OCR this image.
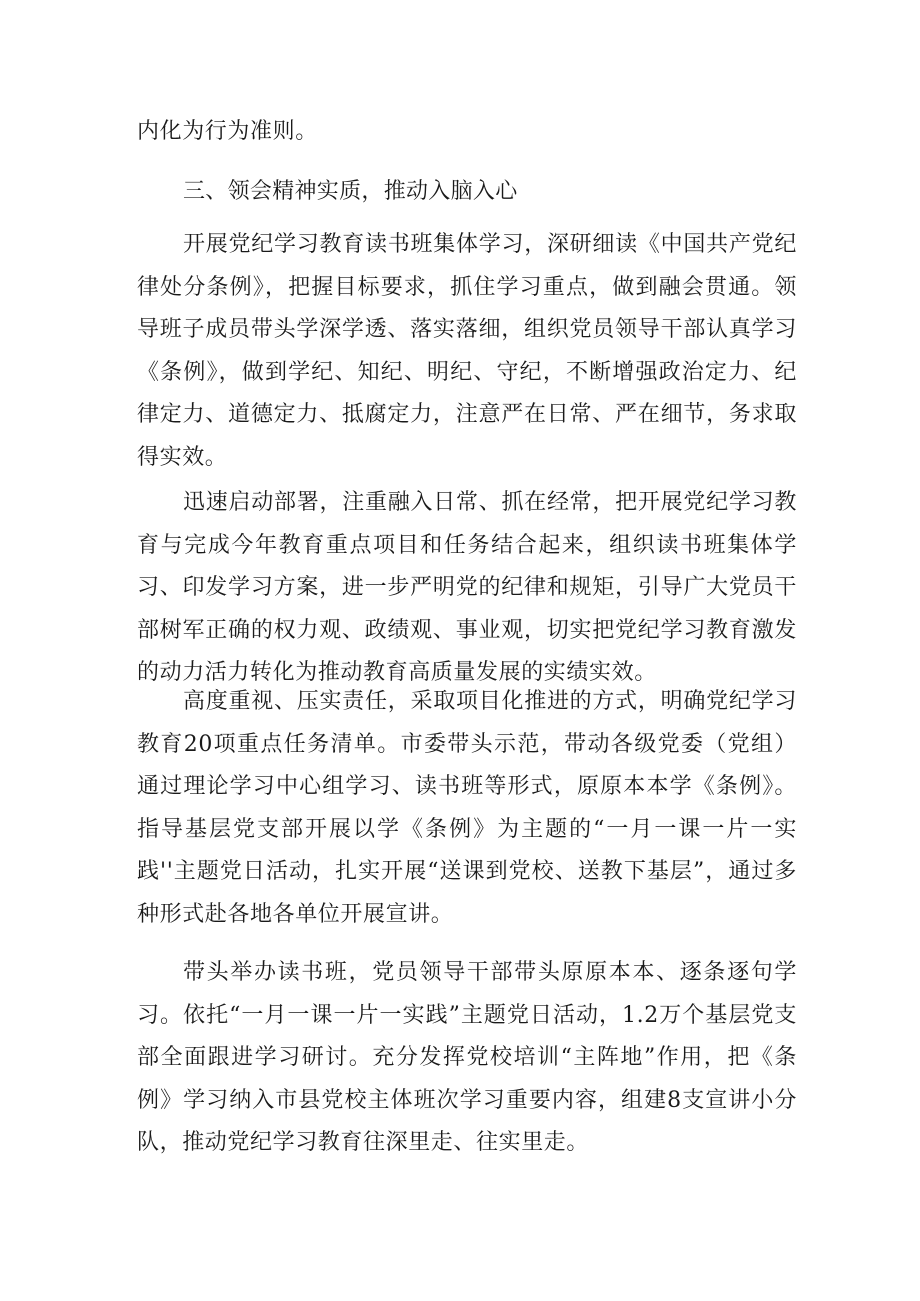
内化为行为准则。
三、领会精神实质，推动入脑入心
开展党纪学习教育读书班集体学习，深研细读《中国共产党纪律处分条例》，把握目标要求，抓住学习重点，做到融会贯通。领导班子成员带头学深学透、落实落细，组织党员领导干部认真学习《条例》，做到学纪、知纪、明纪、守纪，不断增强政治定力、纪律定力、道德定力、抵腐定力，注意严在日常、严在细节，务求取得实效。
迅速启动部署，注重融入日常、抓在经常，把开展党纪学习教育与完成今年教育重点项目和任务结合起来，组织读书班集体学习、印发学习方案，进一步严明党的纪律和规矩，引导广大党员干部树军正确的权力观、政绩观、事业观，切实把党纪学习教育激发的动力活力转化为推动教育高质量发展的实绩实效。
高度重视、压实责任，采取项目化推进的方式，明确党纪学习教育20项重点任务清单。市委带头示范，带动各级党委（党组）通过理论学习中心组学习、读书班等形式，原原本本学《条例》。指导基层党支部开展以学《条例》为主题的“一月一课一片一实践''主题党日活动，扎实开展“送课到党校、送教下基层”，通过多种形式赴各地各单位开展宣讲。
带头举办读书班，党员领导干部带头原原本本、逐条逐句学习。依托“一月一课一片一实践”主题党日活动，1.2万个基层党支部全面跟进学习研讨。充分发挥党校培训“主阵地”作用，把《条例》学习纳入市县党校主体班次学习重要内容，组建8支宣讲小分队，推动党纪学习教育往深里走、往实里走。
